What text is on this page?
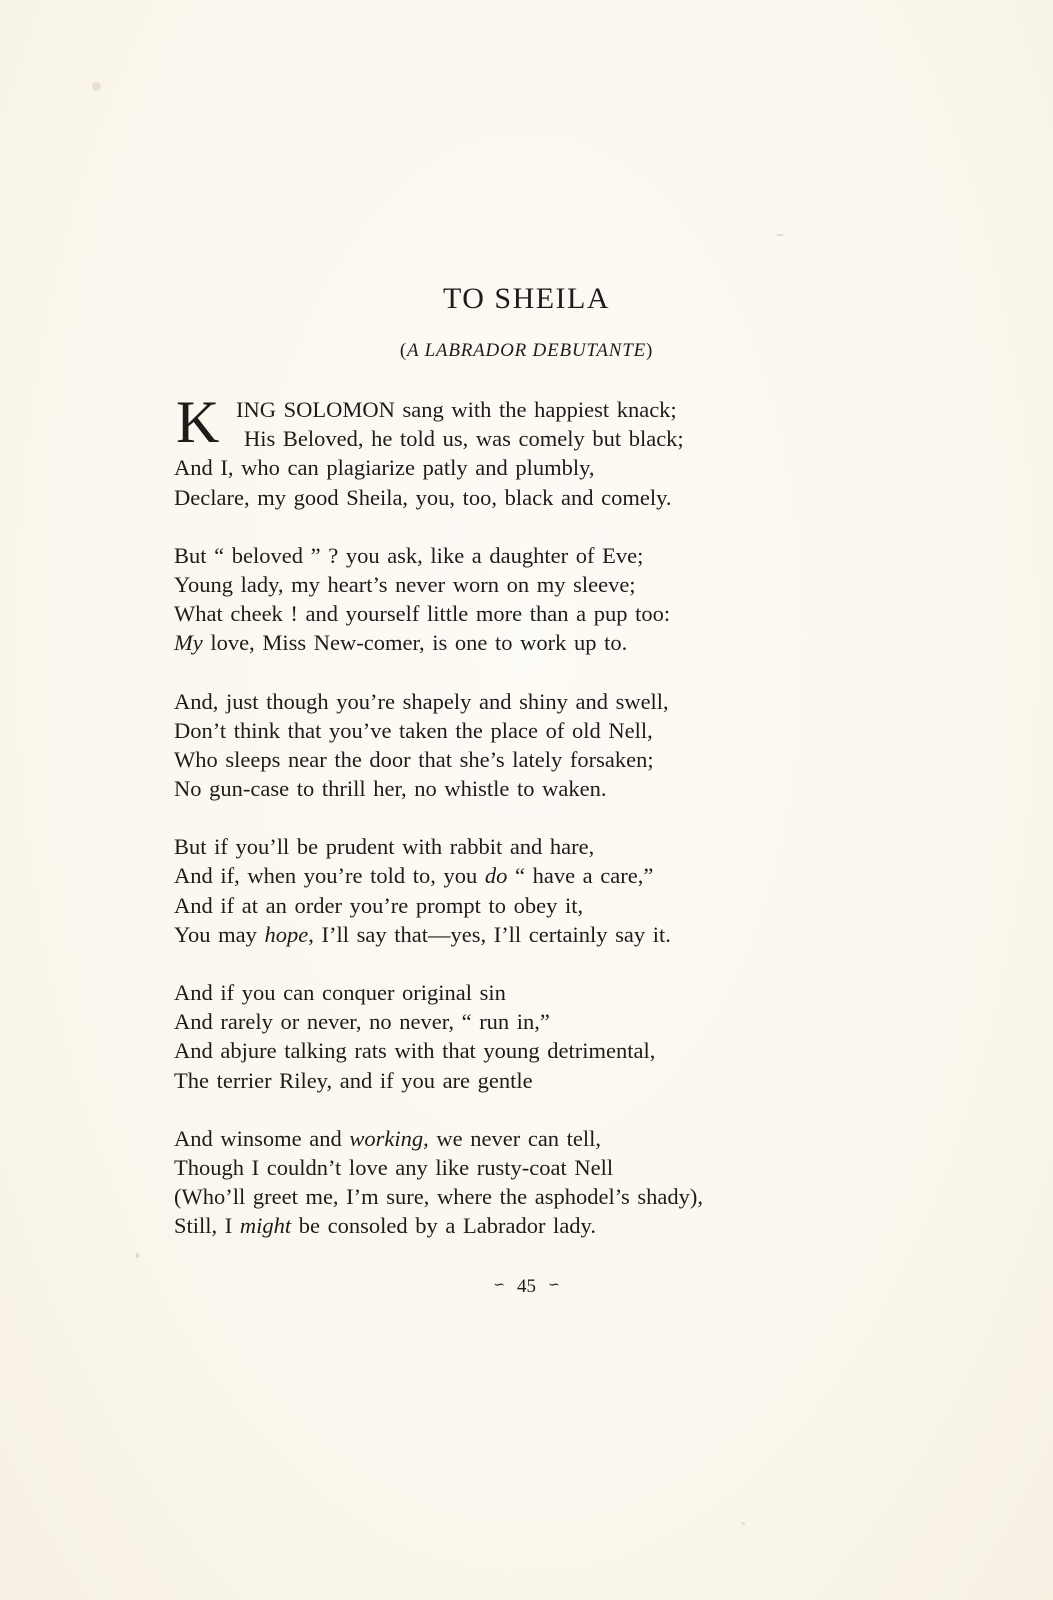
TO SHEILA
(A LABRADOR DEBUTANTE)
K ING SOLOMON sang with the happiest knack;
His Beloved, he told us, was comely but black;
And I, who can plagiarize patly and plumbly,
Declare, my good Sheila, you, too, black and comely.
But “ beloved ” ? you ask, like a daughter of Eve;
Young lady, my heart’s never worn on my sleeve;
What cheek ! and yourself little more than a pup too:
My love, Miss New-comer, is one to work up to.
And, just though you’re shapely and shiny and swell,
Don’t think that you’ve taken the place of old Nell,
Who sleeps near the door that she’s lately forsaken;
No gun-case to thrill her, no whistle to waken.
But if you’ll be prudent with rabbit and hare,
And if, when you’re told to, you do “ have a care,”
And if at an order you’re prompt to obey it,
You may hope, I’ll say that—yes, I’ll certainly say it.
And if you can conquer original sin
And rarely or never, no never, “ run in,”
And abjure talking rats with that young detrimental,
The terrier Riley, and if you are gentle
And winsome and working, we never can tell,
Though I couldn’t love any like rusty-coat Nell
(Who’ll greet me, I’m sure, where the asphodel’s shady),
Still, I might be consoled by a Labrador lady.
∽ 45 ∽
